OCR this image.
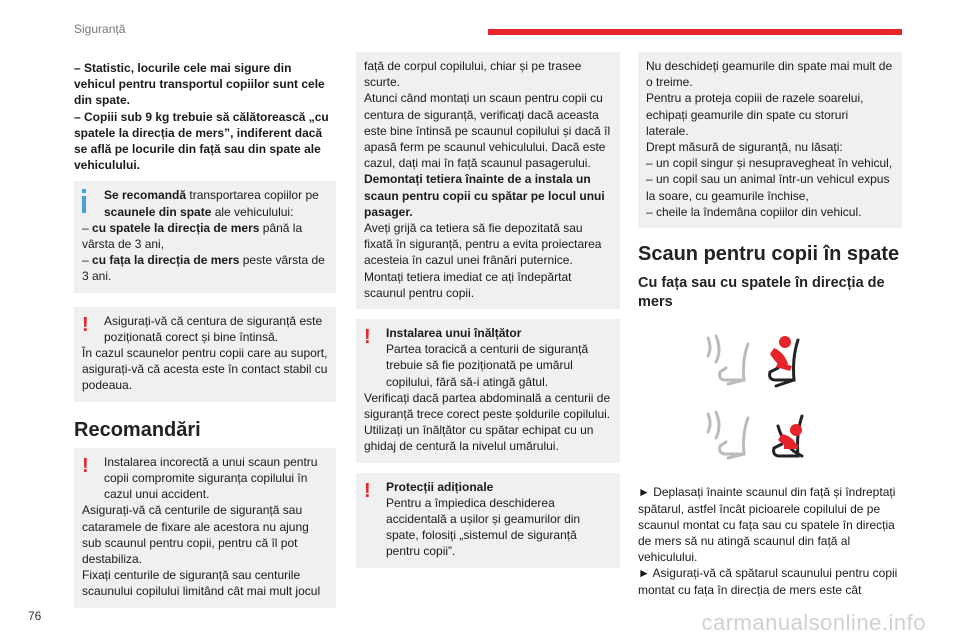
Siguranță

– Statistic, locurile cele mai sigure din vehicul pentru transportul copiilor sunt cele din spate.

– Copiii sub 9 kg trebuie să călătorească „cu spatele la direcția de mers”, indiferent dacă se află pe locurile din față sau din spate ale vehiculului.

Se recomandă transportarea copiilor pe scaunele din spate ale vehiculului:

– cu spatele la direcția de mers până la vârsta de 3 ani,

– cu fața la direcția de mers peste vârsta de 3 ani.

!	Asigurați-vă că centura de siguranță este poziționată corect și bine întinsă.

În cazul scaunelor pentru copii care au suport, asigurați-vă că acesta este în contact stabil cu podeaua.

Recomandări
!	Instalarea incorectă a unui scaun pentru copii compromite siguranța copilului în cazul unui accident.

Asigurați-vă că centurile de siguranță sau cataramele de fixare ale acestora nu ajung sub scaunul pentru copii, pentru că îl pot destabiliza.

Fixați centurile de siguranță sau centurile scaunului copilului limitând cât mai mult jocul

față de corpul copilului, chiar și pe trasee scurte.

Atunci când montați un scaun pentru copii cu centura de siguranță, verificați dacă aceasta este bine întinsă pe scaunul copilului și dacă îl apasă ferm pe scaunul vehiculului. Dacă este cazul, dați mai în față scaunul pasagerului.

Demontați tetiera înainte de a instala un scaun pentru copii cu spătar pe locul unui pasager.

Aveți grijă ca tetiera să fie depozitată sau fixată în siguranță, pentru a evita proiectarea acesteia în cazul unei frânări puternice.

Montați tetiera imediat ce ați îndepărtat scaunul pentru copii.

!	Instalarea unui înălțător

Partea toracică a centurii de siguranță trebuie să fie poziționată pe umărul copilului, fără să-i atingă gâtul.

Verificați dacă partea abdominală a centurii de siguranță trece corect peste șoldurile copilului.

Utilizați un înălțător cu spătar echipat cu un ghidaj de centură la nivelul umărului.

!	Protecții adiționale

Pentru a împiedica deschiderea accidentală a ușilor și geamurilor din spate, folosiți „sistemul de siguranță pentru copii”.

Nu deschideți geamurile din spate mai mult de o treime.

Pentru a proteja copiii de razele soarelui, echipați geamurile din spate cu storuri laterale.

Drept măsură de siguranță, nu lăsați:

– un copil singur și nesupravegheat în vehicul,

– un copil sau un animal într-un vehicul expus la soare, cu geamurile închise,

– cheile la îndemâna copiilor din vehicul.

Scaun pentru copii în spate
Cu fața sau cu spatele în direcția de mers

► Deplasați înainte scaunul din față și îndreptați spătarul, astfel încât picioarele copilului de pe scaunul montat cu fața sau cu spatele în direcția de mers să nu atingă scaunul din față al vehiculului.

► Asigurați-vă că spătarul scaunului pentru copii montat cu fața în direcția de mers este cât

76	carmanualsonline.info
